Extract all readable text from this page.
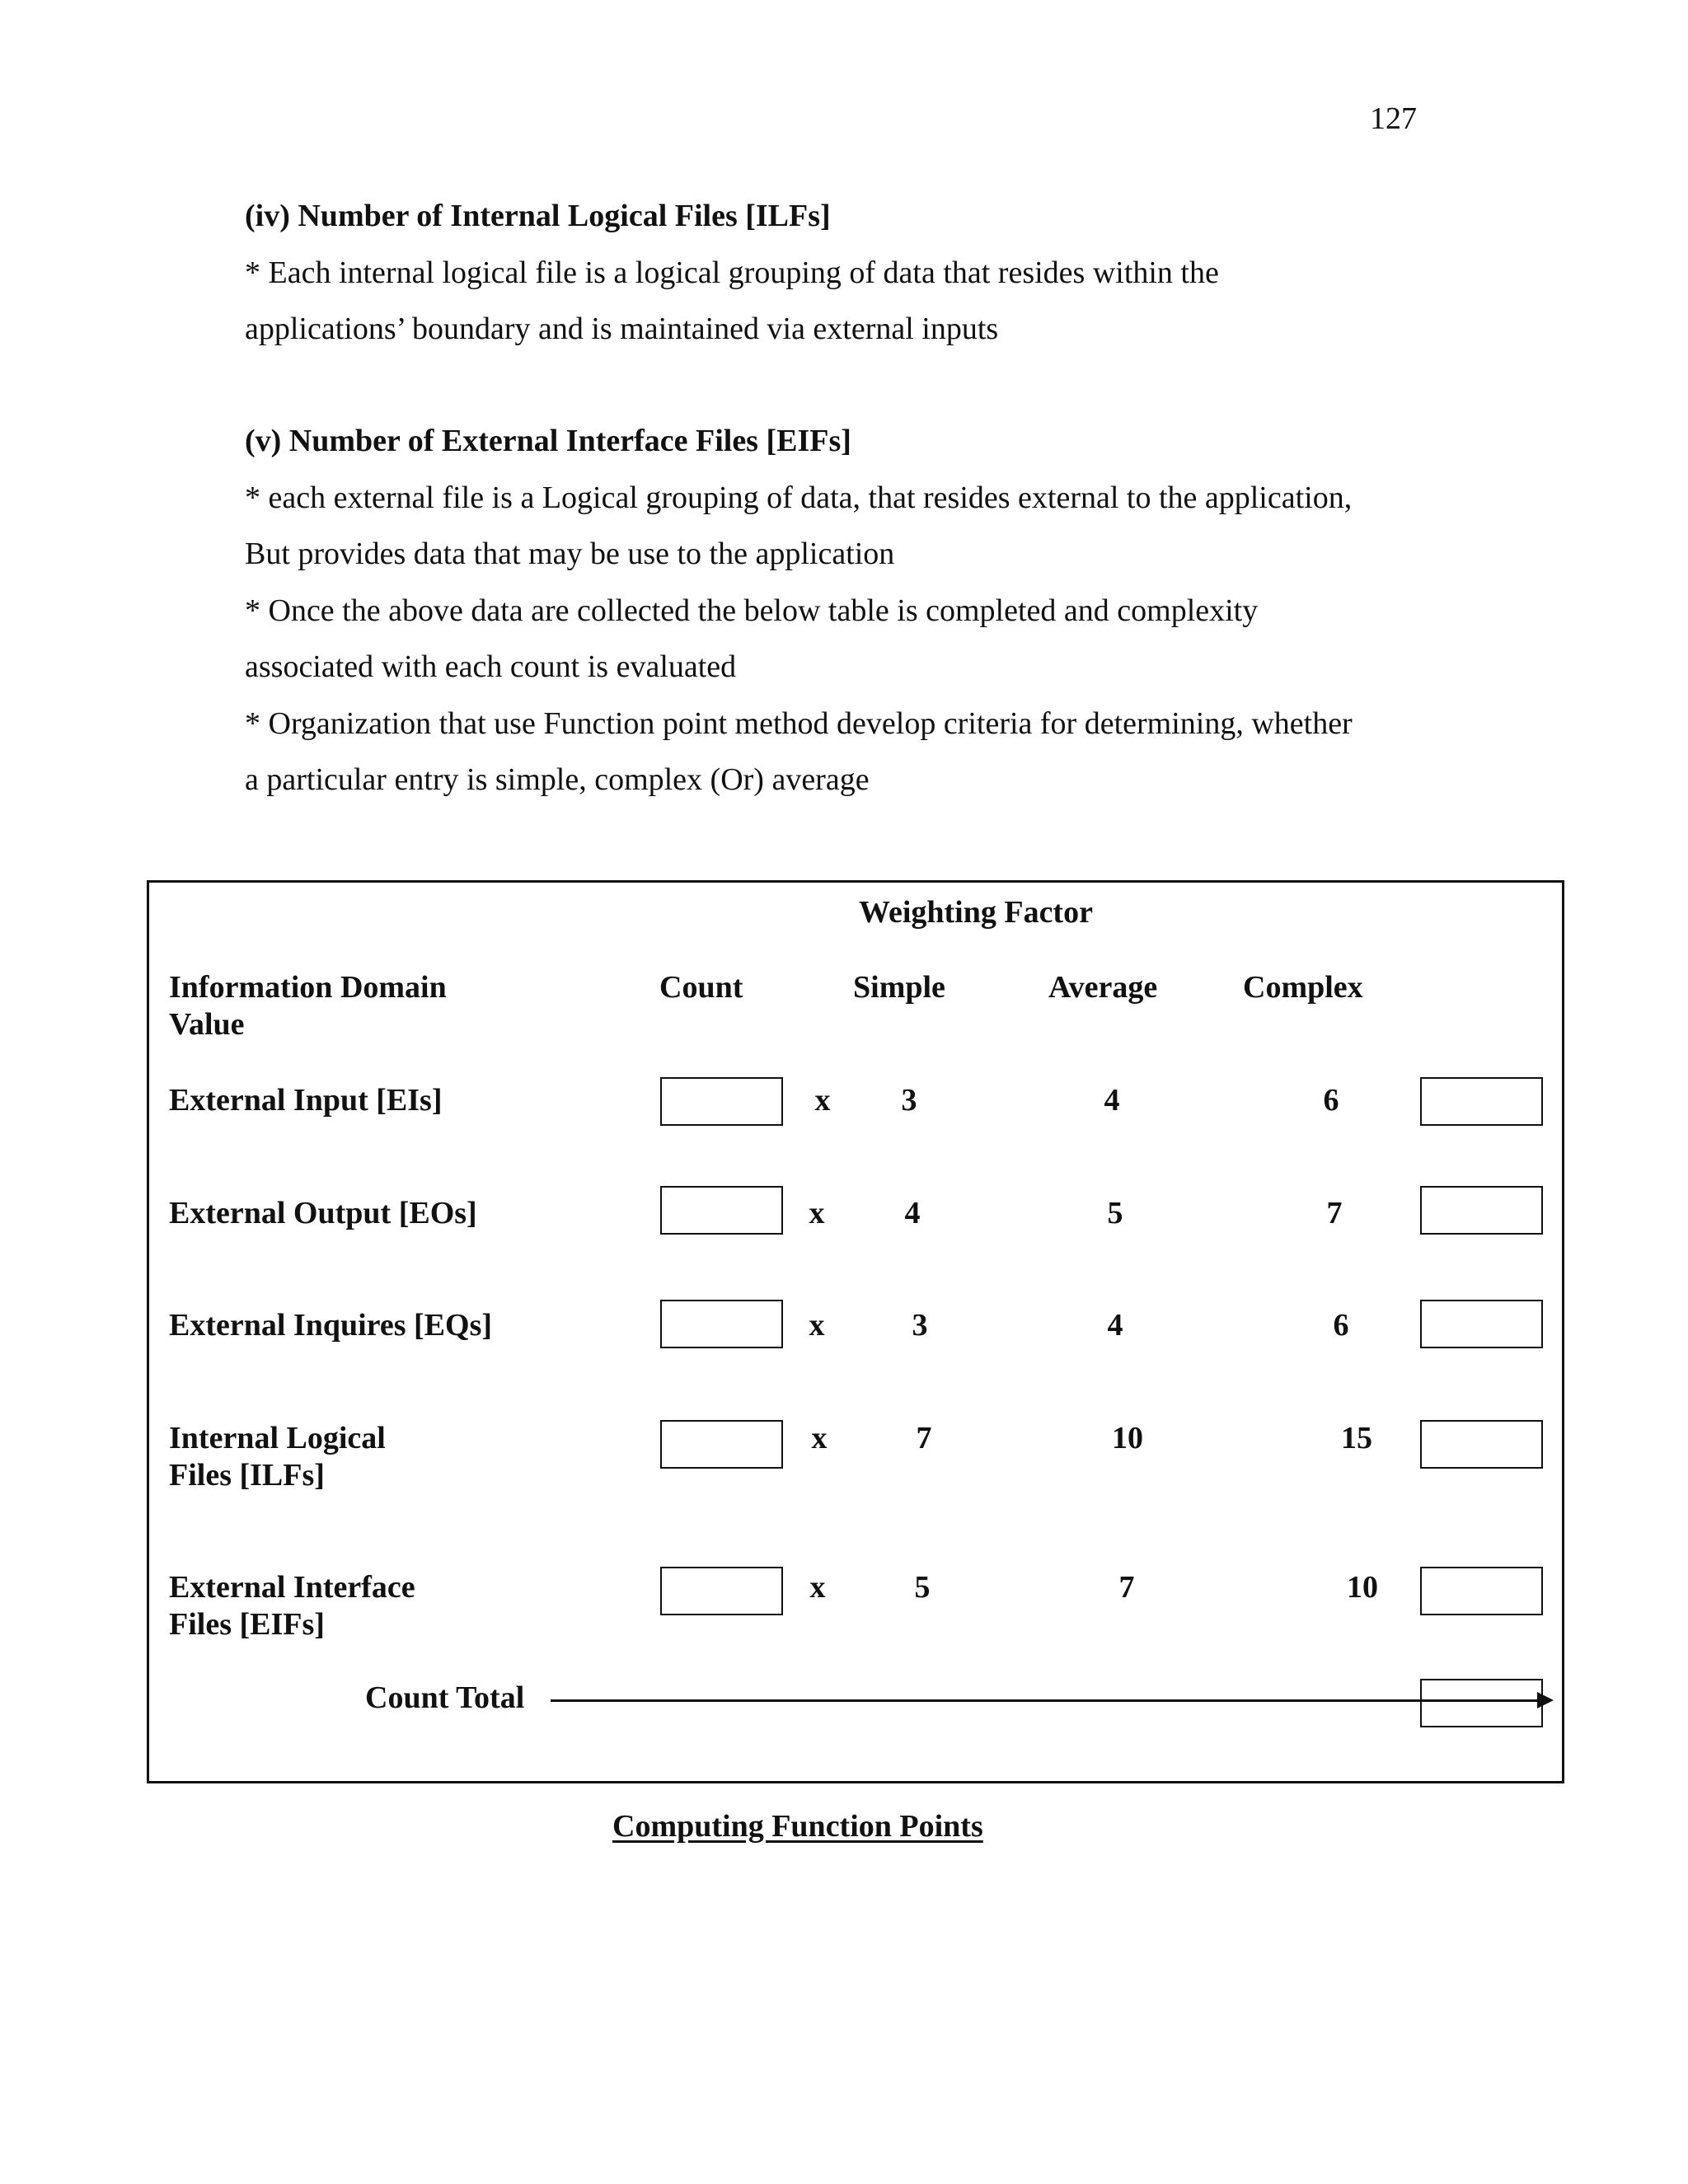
127

(iv) Number of Internal Logical Files [ILFs]

* Each internal logical file is a logical grouping of data that resides within the

applications’ boundary and is maintained via external inputs

(v) Number of External Interface Files [EIFs]

* each external file is a Logical grouping of data, that resides external to the application,

But provides data that may be use to the application

* Once the above data are collected the below table is completed and complexity

associated with each count is evaluated

* Organization that use Function point method develop criteria for determining, whether

a particular entry is simple, complex (Or) average

Weighting Factor
Information Domain
Value
Count	Simple	Average	Complex
External Input [EIs]	x 3	4	6
External Output [EOs]	x	4	5	7
External Inquires [EQs]	x	3	4	6
Internal Logical
Files [ILFs]
x	7	10	15
External Interface
Files [EIFs]
x	5	7	10
Count Total
Computing Function Points
